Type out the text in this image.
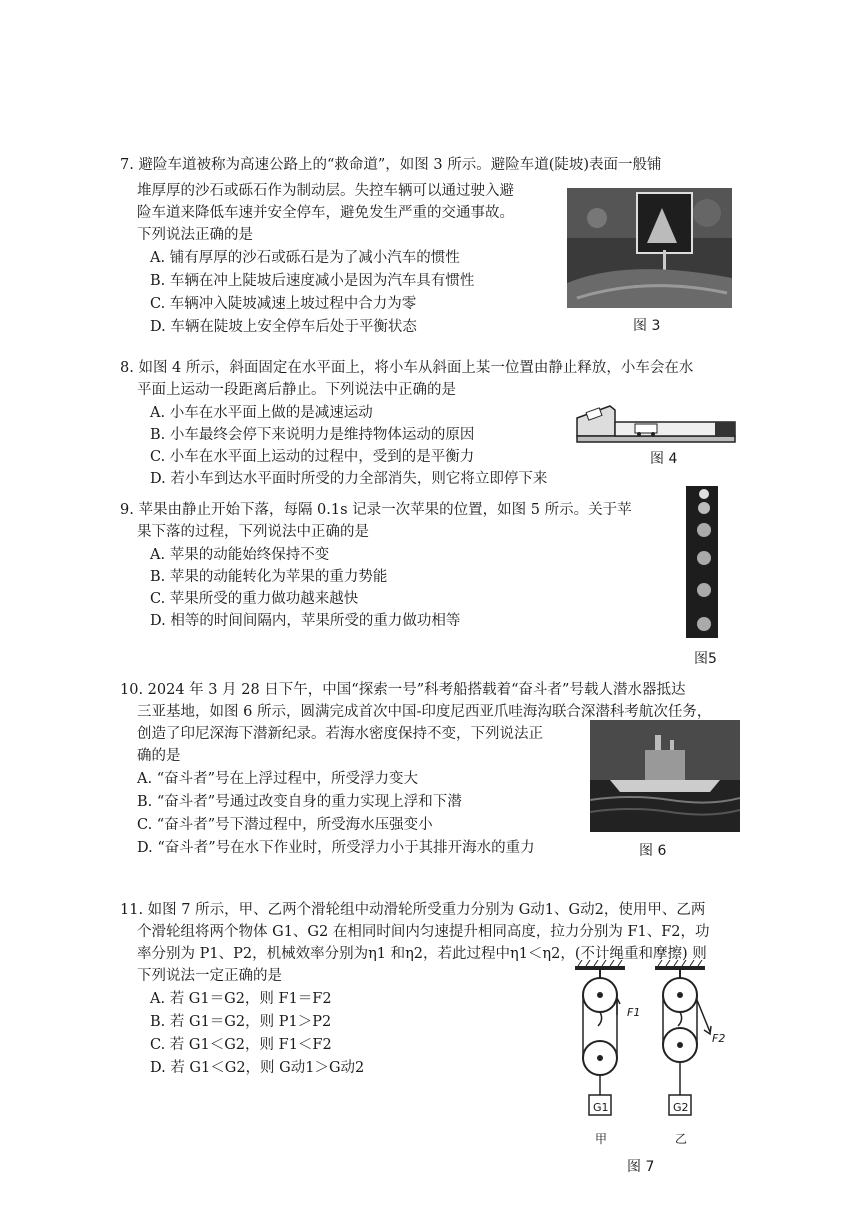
7. 避险车道被称为高速公路上的“救命道”，如图 3 所示。避险车道(陡坡)表面一般铺
堆厚厚的沙石或砾石作为制动层。失控车辆可以通过驶入避
险车道来降低车速并安全停车，避免发生严重的交通事故。
下列说法正确的是
A. 铺有厚厚的沙石或砾石是为了减小汽车的惯性
B. 车辆在冲上陡坡后速度减小是因为汽车具有惯性
C. 车辆冲入陡坡减速上坡过程中合力为零
D. 车辆在陡坡上安全停车后处于平衡状态	图 3
8. 如图 4 所示，斜面固定在水平面上，将小车从斜面上某一位置由静止释放，小车会在水
平面上运动一段距离后静止。下列说法中正确的是
A. 小车在水平面上做的是减速运动
B. 小车最终会停下来说明力是维持物体运动的原因
C. 小车在水平面上运动的过程中，受到的是平衡力
D. 若小车到达水平面时所受的力全部消失，则它将立即停下来
图 4
9. 苹果由静止开始下落，每隔 0.1s 记录一次苹果的位置，如图 5 所示。关于苹
果下落的过程，下列说法中正确的是
A. 苹果的动能始终保持不变
B. 苹果的动能转化为苹果的重力势能
C. 苹果所受的重力做功越来越快
D. 相等的时间间隔内，苹果所受的重力做功相等
图5
10. 2024 年 3 月 28 日下午，中国“探索一号”科考船搭载着“奋斗者”号载人潜水器抵达
三亚基地，如图 6 所示，圆满完成首次中国-印度尼西亚爪哇海沟联合深潜科考航次任务，
创造了印尼深海下潜新纪录。若海水密度保持不变，下列说法正
确的是
A. “奋斗者”号在上浮过程中，所受浮力变大
B. “奋斗者”号通过改变自身的重力实现上浮和下潜
C. “奋斗者”号下潜过程中，所受海水压强变小
D. “奋斗者”号在水下作业时，所受浮力小于其排开海水的重力	图 6
11. 如图 7 所示，甲、乙两个滑轮组中动滑轮所受重力分别为 G动1、G动2，使用甲、乙两
个滑轮组将两个物体 G1、G2 在相同时间内匀速提升相同高度，拉力分别为 F1、F2，功
率分别为 P1、P2，机械效率分别为η1 和η2，若此过程中η1＜η2，(不计绳重和摩擦) 则
下列说法一定正确的是
A. 若 G1＝G2，则 F1＝F2
B. 若 G1＝G2，则 P1＞P2
C. 若 G1＜G2，则 F1＜F2
D. 若 G1＜G2，则 G动1＞G动2
F1
F2
G1	G2
甲	乙
图 7
